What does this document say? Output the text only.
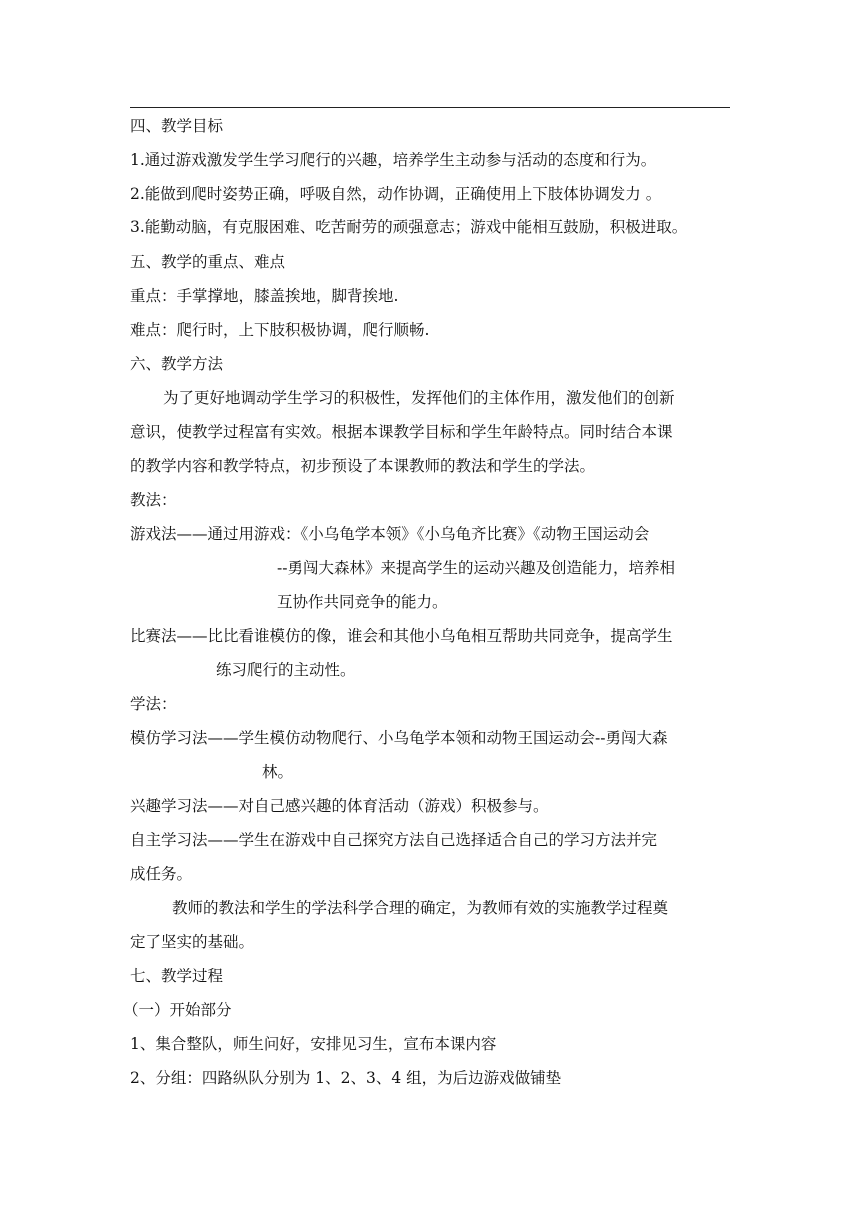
四、教学目标
1.通过游戏激发学生学习爬行的兴趣，培养学生主动参与活动的态度和行为。
2.能做到爬时姿势正确，呼吸自然，动作协调，正确使用上下肢体协调发力 。
3.能勤动脑，有克服困难、吃苦耐劳的顽强意志；游戏中能相互鼓励，积极进取。
五、教学的重点、难点
重点：手掌撑地，膝盖挨地，脚背挨地.
难点：爬行时，上下肢积极协调，爬行顺畅.
六、教学方法
为了更好地调动学生学习的积极性，发挥他们的主体作用，激发他们的创新
意识，使教学过程富有实效。根据本课教学目标和学生年龄特点。同时结合本课
的教学内容和教学特点，初步预设了本课教师的教法和学生的学法。
教法：
游戏法——通过用游戏：《小乌龟学本领》《小乌龟齐比赛》《动物王国运动会
--勇闯大森林》来提高学生的运动兴趣及创造能力，培养相
互协作共同竞争的能力。
比赛法——比比看谁模仿的像，谁会和其他小乌龟相互帮助共同竞争，提高学生
练习爬行的主动性。
学法：
模仿学习法——学生模仿动物爬行、小乌龟学本领和动物王国运动会--勇闯大森
林。
兴趣学习法——对自己感兴趣的体育活动（游戏）积极参与。
自主学习法——学生在游戏中自己探究方法自己选择适合自己的学习方法并完
成任务。
教师的教法和学生的学法科学合理的确定，为教师有效的实施教学过程奠
定了坚实的基础。
七、教学过程
（一）开始部分
1、集合整队，师生问好，安排见习生，宣布本课内容
2、分组：四路纵队分别为 1、2、3、4 组，为后边游戏做铺垫
